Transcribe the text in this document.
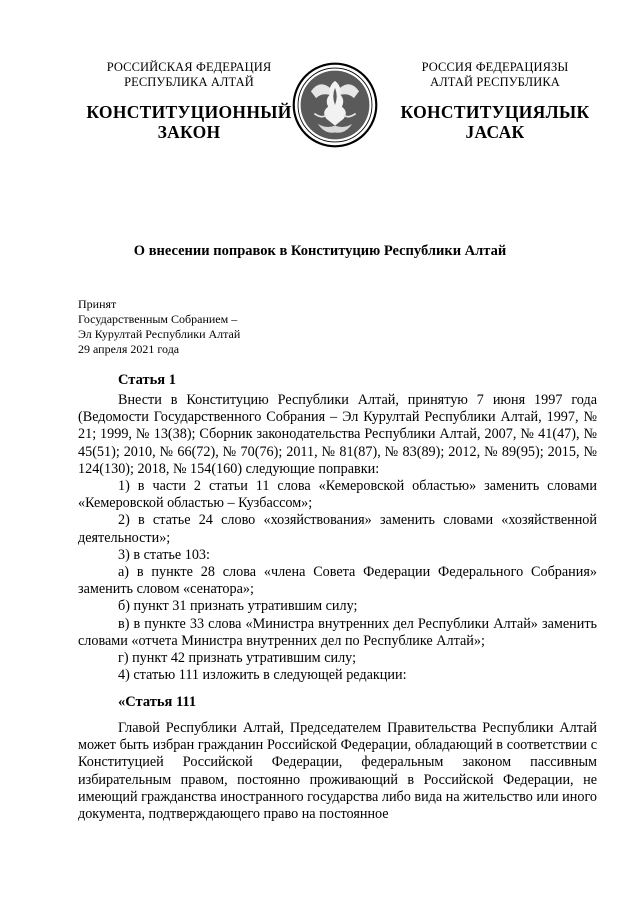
РОССИЙСКАЯ ФЕДЕРАЦИЯ
РЕСПУБЛИКА АЛТАЙ
КОНСТИТУЦИОННЫЙ
ЗАКОН
РОССИЯ ФЕДЕРАЦИЯЗЫ
АЛТАЙ РЕСПУБЛИКА
КОНСТИТУЦИЯЛЫК
JАСАК
О внесении поправок в Конституцию Республики Алтай
Принят
Государственным Собранием –
Эл Курултай Республики Алтай
29 апреля 2021 года
Статья 1

Внести в Конституцию Республики Алтай, принятую 7 июня 1997 года (Ведомости Государственного Собрания – Эл Курултай Республики Алтай, 1997, № 21; 1999, № 13(38); Сборник законодательства Республики Алтай, 2007, № 41(47), № 45(51); 2010, № 66(72), № 70(76); 2011, № 81(87), № 83(89); 2012, № 89(95); 2015, № 124(130); 2018, № 154(160) следующие поправки:

1) в части 2 статьи 11 слова «Кемеровской областью» заменить словами «Кемеровской областью – Кузбассом»;

2) в статье 24 слово «хозяйствования» заменить словами «хозяйственной деятельности»;

3) в статье 103:

а) в пункте 28 слова «члена Совета Федерации Федерального Собрания» заменить словом «сенатора»;

б) пункт 31 признать утратившим силу;

в) в пункте 33 слова «Министра внутренних дел Республики Алтай» заменить словами «отчета Министра внутренних дел по Республике Алтай»;

г) пункт 42 признать утратившим силу;

4) статью 111 изложить в следующей редакции:

«Статья 111

Главой Республики Алтай, Председателем Правительства Республики Алтай может быть избран гражданин Российской Федерации, обладающий в соответствии с Конституцией Российской Федерации, федеральным законом пассивным избирательным правом, постоянно проживающий в Российской Федерации, не имеющий гражданства иностранного государства либо вида на жительство или иного документа, подтверждающего право на постоянное
